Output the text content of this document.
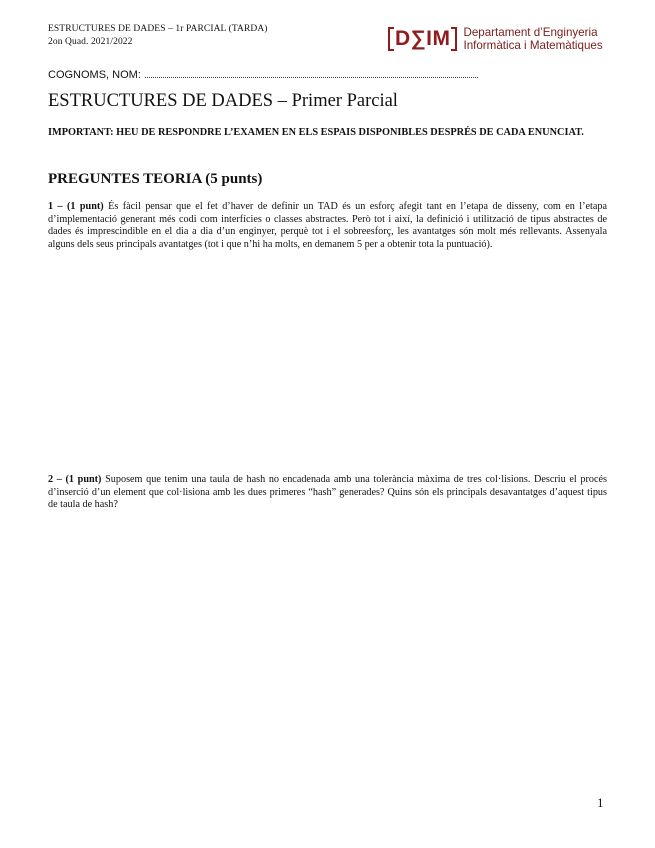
ESTRUCTURES DE DADES – 1r PARCIAL (TARDA)
2on Quad. 2021/2022	D∑IM Departament d’Enginyeria
Informàtica i Matemàtiques
COGNOMS, NOM:
ESTRUCTURES DE DADES – Primer Parcial
IMPORTANT: HEU DE RESPONDRE L’EXAMEN EN ELS ESPAIS DISPONIBLES DESPRÉS DE CADA ENUNCIAT.
PREGUNTES TEORIA (5 punts)
1 – (1 punt) És fàcil pensar que el fet d’haver de definir un TAD és un esforç afegit tant en l’etapa de disseny, com en l’etapa d’implementació generant més codi com interfícies o classes abstractes. Però tot i així, la definició i utilització de tipus abstractes de dades és imprescindible en el dia a dia d’un enginyer, perquè tot i el sobreesforç, les avantatges són molt més rellevants. Assenyala alguns dels seus principals avantatges (tot i que n’hi ha molts, en demanem 5 per a obtenir tota la puntuació).
2 – (1 punt) Suposem que tenim una taula de hash no encadenada amb una tolerància màxima de tres col·lisions. Descriu el procés d’inserció d’un element que col·lisiona amb les dues primeres “hash” generades? Quins són els principals desavantatges d’aquest tipus de taula de hash?
1
